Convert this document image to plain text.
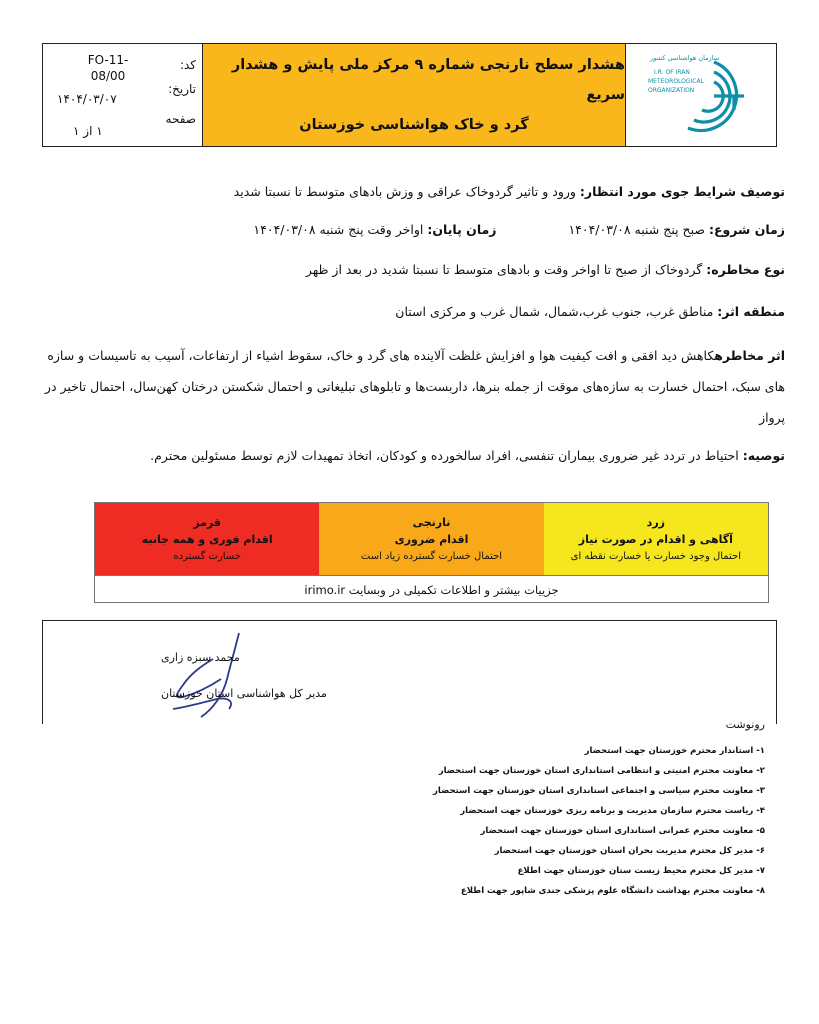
FO-11-08/00
کد:
تاریخ:
۱۴۰۴/۰۳/۰۷
صفحه
۱ از ۱
هشدار سطح نارنجی شماره ۹ مرکز ملی پایش و هشدار سریع
گرد و خاک هواشناسی خوزستان
سازمان هواشناسی کشور
I.R. OF IRAN
METEOROLOGICAL
ORGANIZATION
توصیف شرایط جوی مورد انتظار: ورود و تاثیر گردوخاک عراقی و وزش بادهای متوسط تا نسبتا شدید
زمان شروع: صبح پنج شنبه ۱۴۰۴/۰۳/۰۸  زمان پایان: اواخر وقت پنج شنبه ۱۴۰۴/۰۳/۰۸
نوع مخاطره: گردوخاک از صبح تا اواخر وقت و بادهای متوسط تا نسبتا شدید در بعد از ظهر
منطقه اثر: مناطق غرب، جنوب غرب،شمال، شمال غرب و مرکزی استان
اثر مخاطرهکاهش دید افقی و افت کیفیت هوا و افزایش غلظت آلاینده های گرد و خاک، سقوط اشیاء از ارتفاعات، آسیب به تاسیسات و سازه های سبک، احتمال خسارت به سازه‌های موقت از جمله بنرها، داربست‌ها و تابلوهای تبلیغاتی و احتمال شکستن درختان کهن‌سال، احتمال تاخیر در پرواز
توصیه: احتیاط در تردد غیر ضروری بیماران تنفسی، افراد سالخورده و کودکان، اتخاذ تمهیدات لازم توسط مسئولین محترم.
قرمز
اقدام فوری و همه جانبه
خسارت گسترده
نارنجی
اقدام ضروری
احتمال خسارت گسترده زیاد است
زرد
آگاهی و اقدام در صورت نیاز
احتمال وجود خسارت یا خسارت نقطه ای
جزییات بیشتر و اطلاعات تکمیلی در وبسایت irimo.ir
محمد سبزه زاری
مدیر کل هواشناسی استان خوزستان
رونوشت
۱- استاندار محترم خوزستان جهت استحضار
۲- معاونت محترم امنیتی و انتظامی استانداری استان خوزستان جهت استحضار
۳- معاونت محترم سیاسی و اجتماعی استانداری استان خوزستان جهت استحضار
۴- ریاست محترم سازمان مدیریت و برنامه ریزی خوزستان جهت استحضار
۵- معاونت محترم عمرانی استانداری استان خوزستان جهت استحضار
۶- مدیر کل محترم مدیریت بحران استان خوزستان جهت استحضار
۷- مدیر کل محترم محیط زیست ستان خوزستان جهت اطلاع
۸- معاونت محترم بهداشت دانشگاه علوم پزشکی جندی شاپور جهت اطلاع
